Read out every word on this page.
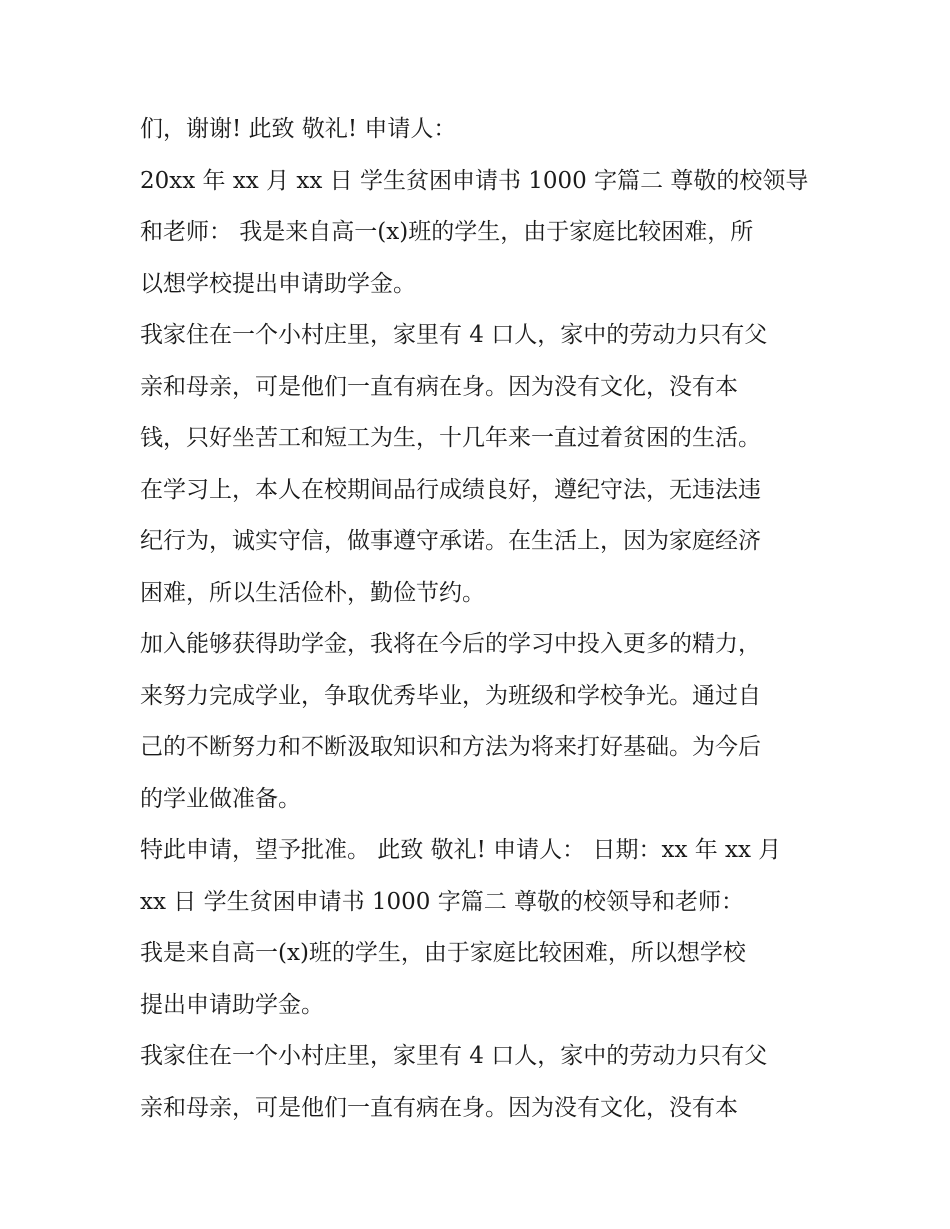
们，谢谢! 此致 敬礼! 申请人：

20xx 年 xx 月 xx 日 学生贫困申请书 1000 字篇二 尊敬的校领导
和老师： 我是来自高一(x)班的学生，由于家庭比较困难，所
以想学校提出申请助学金。

我家住在一个小村庄里，家里有 4 口人，家中的劳动力只有父
亲和母亲，可是他们一直有病在身。因为没有文化，没有本
钱，只好坐苦工和短工为生，十几年来一直过着贫困的生活。

在学习上，本人在校期间品行成绩良好，遵纪守法，无违法违
纪行为，诚实守信，做事遵守承诺。在生活上，因为家庭经济
困难，所以生活俭朴，勤俭节约。

加入能够获得助学金，我将在今后的学习中投入更多的精力，
来努力完成学业，争取优秀毕业，为班级和学校争光。通过自
己的不断努力和不断汲取知识和方法为将来打好基础。为今后
的学业做准备。

特此申请，望予批准。 此致 敬礼! 申请人： 日期：xx 年 xx 月
xx 日 学生贫困申请书 1000 字篇二 尊敬的校领导和老师：

我是来自高一(x)班的学生，由于家庭比较困难，所以想学校
提出申请助学金。

我家住在一个小村庄里，家里有 4 口人，家中的劳动力只有父
亲和母亲，可是他们一直有病在身。因为没有文化，没有本
